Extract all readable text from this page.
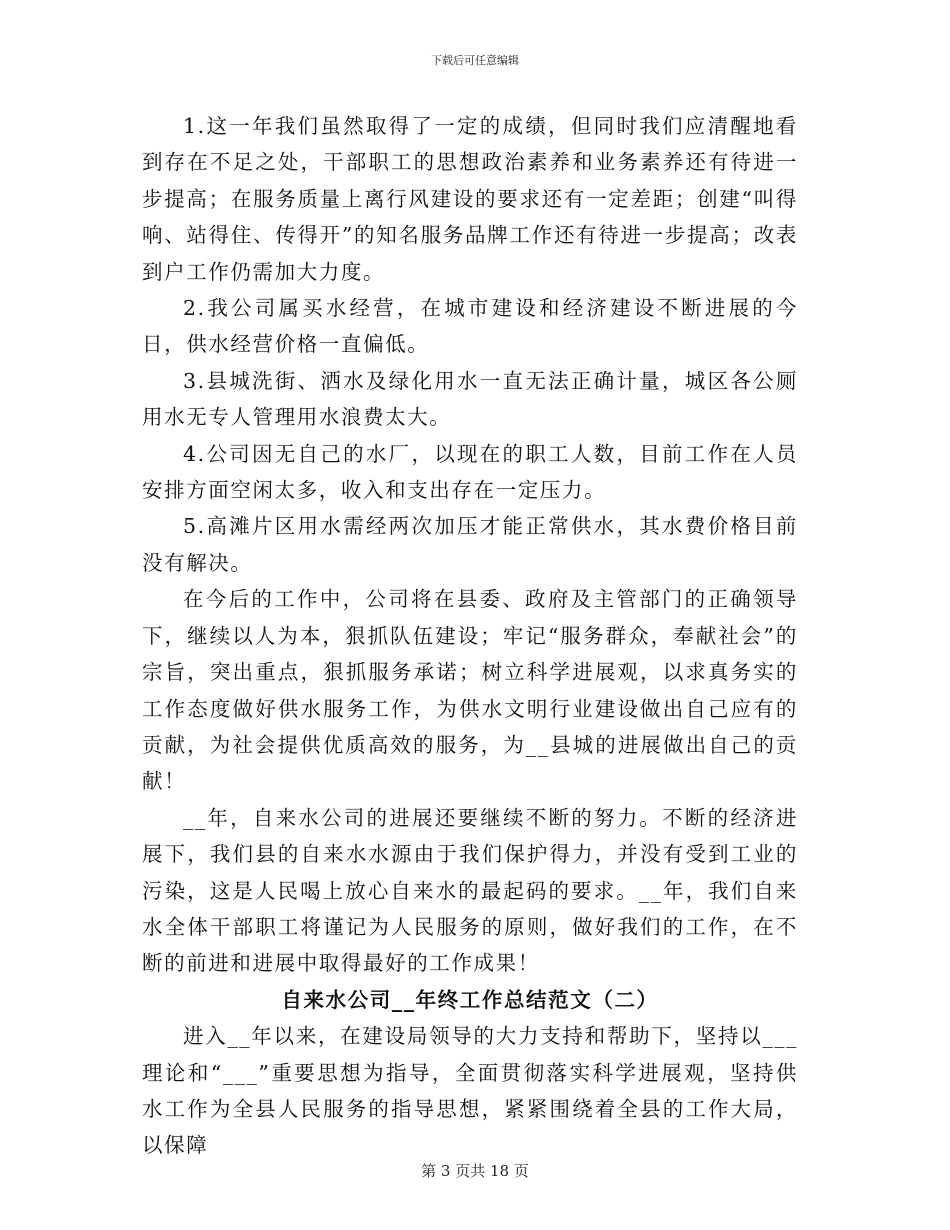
下载后可任意编辑

1.这一年我们虽然取得了一定的成绩，但同时我们应清醒地看到存在不足之处，干部职工的思想政治素养和业务素养还有待进一步提高；在服务质量上离行风建设的要求还有一定差距；创建“叫得响、站得住、传得开”的知名服务品牌工作还有待进一步提高；改表到户工作仍需加大力度。

2.我公司属买水经营，在城市建设和经济建设不断进展的今日，供水经营价格一直偏低。

3.县城洗街、洒水及绿化用水一直无法正确计量，城区各公厕用水无专人管理用水浪费太大。

4.公司因无自己的水厂，以现在的职工人数，目前工作在人员安排方面空闲太多，收入和支出存在一定压力。

5.高滩片区用水需经两次加压才能正常供水，其水费价格目前没有解决。

在今后的工作中，公司将在县委、政府及主管部门的正确领导下，继续以人为本，狠抓队伍建设；牢记“服务群众，奉献社会”的宗旨，突出重点，狠抓服务承诺；树立科学进展观，以求真务实的工作态度做好供水服务工作，为供水文明行业建设做出自己应有的贡献，为社会提供优质高效的服务，为__县城的进展做出自己的贡献！

__年，自来水公司的进展还要继续不断的努力。不断的经济进展下，我们县的自来水水源由于我们保护得力，并没有受到工业的污染，这是人民喝上放心自来水的最起码的要求。__年，我们自来水全体干部职工将谨记为人民服务的原则，做好我们的工作，在不断的前进和进展中取得最好的工作成果！

自来水公司__年终工作总结范文（二）

进入__年以来，在建设局领导的大力支持和帮助下，坚持以___理论和“___”重要思想为指导，全面贯彻落实科学进展观，坚持供水工作为全县人民服务的指导思想，紧紧围绕着全县的工作大局，以保障

第 3 页共 18 页
